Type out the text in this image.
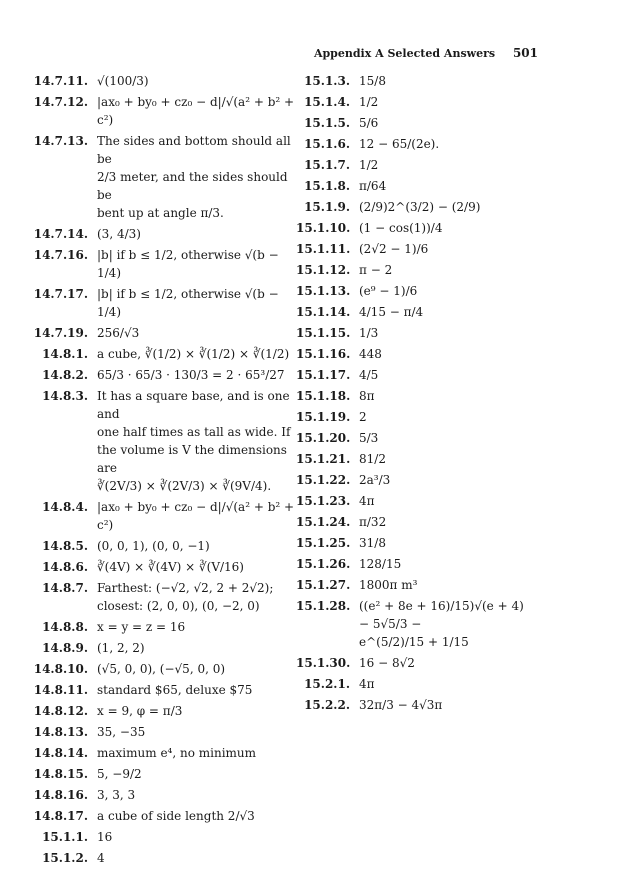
Appendix A Selected Answers 501
14.7.11. √(100/3)
14.7.12. |ax₀ + by₀ + cz₀ − d|/√(a² + b² + c²)
14.7.13. The sides and bottom should all be
2/3 meter, and the sides should be
bent up at angle π/3.
14.7.14. (3, 4/3)
14.7.16. |b| if b ≤ 1/2, otherwise √(b − 1/4)
14.7.17. |b| if b ≤ 1/2, otherwise √(b − 1/4)
14.7.19. 256/√3
14.8.1. a cube, ∛(1/2) × ∛(1/2) × ∛(1/2)
14.8.2. 65/3 · 65/3 · 130/3 = 2 · 65³/27
14.8.3. It has a square base, and is one and
one half times as tall as wide. If
the volume is V the dimensions are
∛(2V/3) × ∛(2V/3) × ∛(9V/4).
14.8.4. |ax₀ + by₀ + cz₀ − d|/√(a² + b² + c²)
14.8.5. (0, 0, 1), (0, 0, −1)
14.8.6. ∛(4V) × ∛(4V) × ∛(V/16)
14.8.7. Farthest: (−√2, √2, 2 + 2√2);
closest: (2, 0, 0), (0, −2, 0)
14.8.8. x = y = z = 16
14.8.9. (1, 2, 2)
14.8.10. (√5, 0, 0), (−√5, 0, 0)
14.8.11. standard $65, deluxe $75
14.8.12. x = 9, φ = π/3
14.8.13. 35, −35
14.8.14. maximum e⁴, no minimum
14.8.15. 5, −9/2
14.8.16. 3, 3, 3
14.8.17. a cube of side length 2/√3
15.1.1. 16
15.1.2. 4
15.1.3. 15/8
15.1.4. 1/2
15.1.5. 5/6
15.1.6. 12 − 65/(2e).
15.1.7. 1/2
15.1.8. π/64
15.1.9. (2/9)2^(3/2) − (2/9)
15.1.10. (1 − cos(1))/4
15.1.11. (2√2 − 1)/6
15.1.12. π − 2
15.1.13. (e⁹ − 1)/6
15.1.14. 4/15 − π/4
15.1.15. 1/3
15.1.16. 448
15.1.17. 4/5
15.1.18. 8π
15.1.19. 2
15.1.20. 5/3
15.1.21. 81/2
15.1.22. 2a³/3
15.1.23. 4π
15.1.24. π/32
15.1.25. 31/8
15.1.26. 128/15
15.1.27. 1800π m³
15.1.28. ((e² + 8e + 16)/15)√(e + 4) − 5√5/3 −
e^(5/2)/15 + 1/15
15.1.30. 16 − 8√2
15.2.1. 4π
15.2.2. 32π/3 − 4√3π
